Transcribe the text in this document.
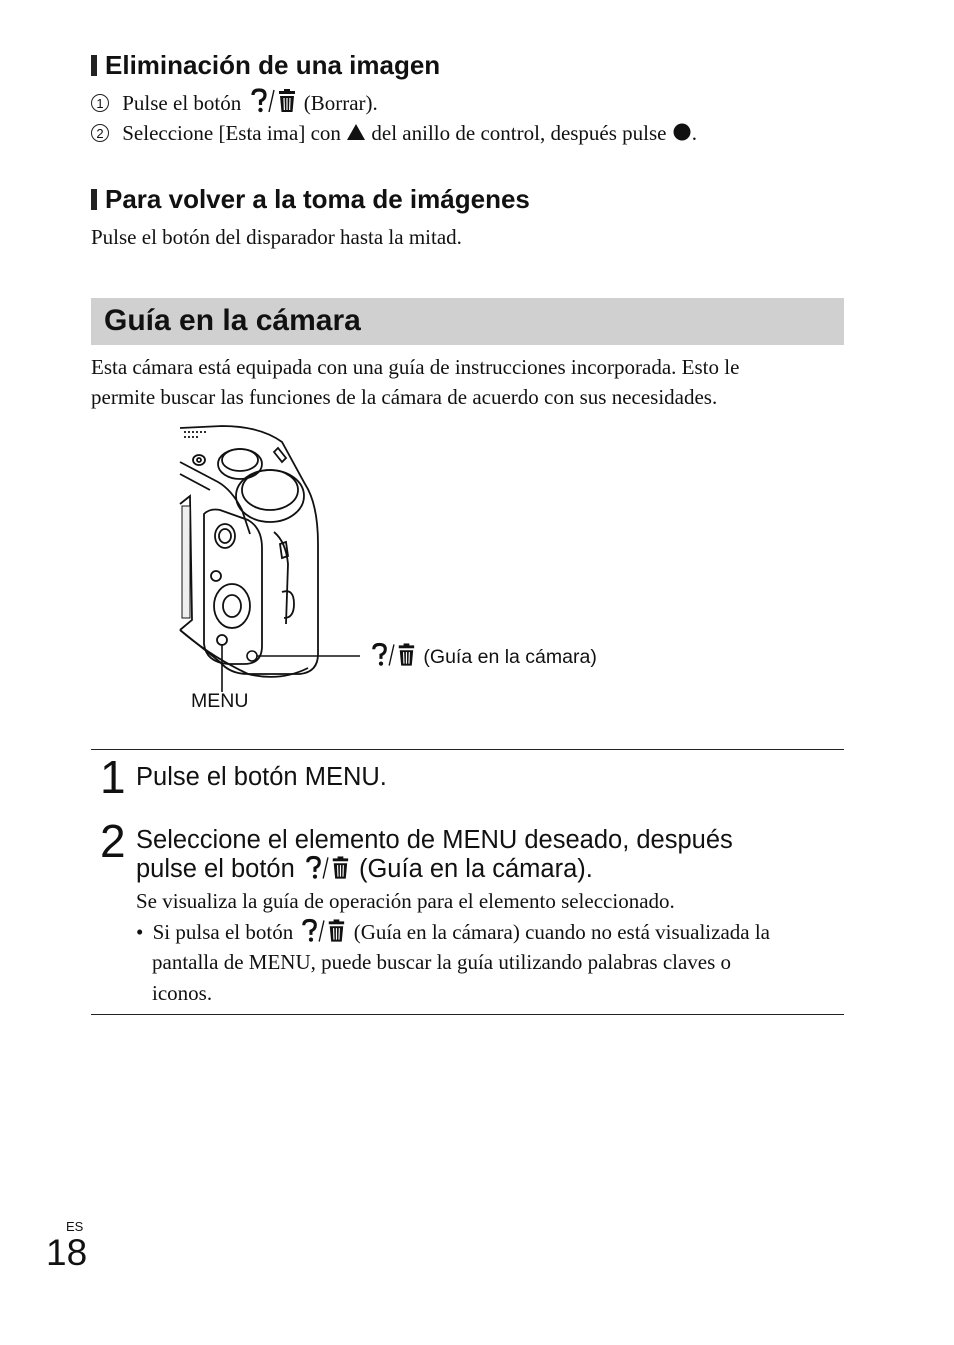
Eliminación de una imagen
1 Pulse el botón	(Borrar).
2 Seleccione [Esta ima] con del anillo de control, después pulse .
Para volver a la toma de imágenes
Pulse el botón del disparador hasta la mitad.
Guía en la cámara
Esta cámara está equipada con una guía de instrucciones incorporada. Esto le
permite buscar las funciones de la cámara de acuerdo con sus necesidades.
(Guía en la cámara)
MENU
1 Pulse el botón MENU.
2 Seleccione el elemento de MENU deseado, después
pulse el botón	(Guía en la cámara).
Se visualiza la guía de operación para el elemento seleccionado.
• Si pulsa el botón	(Guía en la cámara) cuando no está visualizada la
pantalla de MENU, puede buscar la guía utilizando palabras claves o
iconos.
ES
18
